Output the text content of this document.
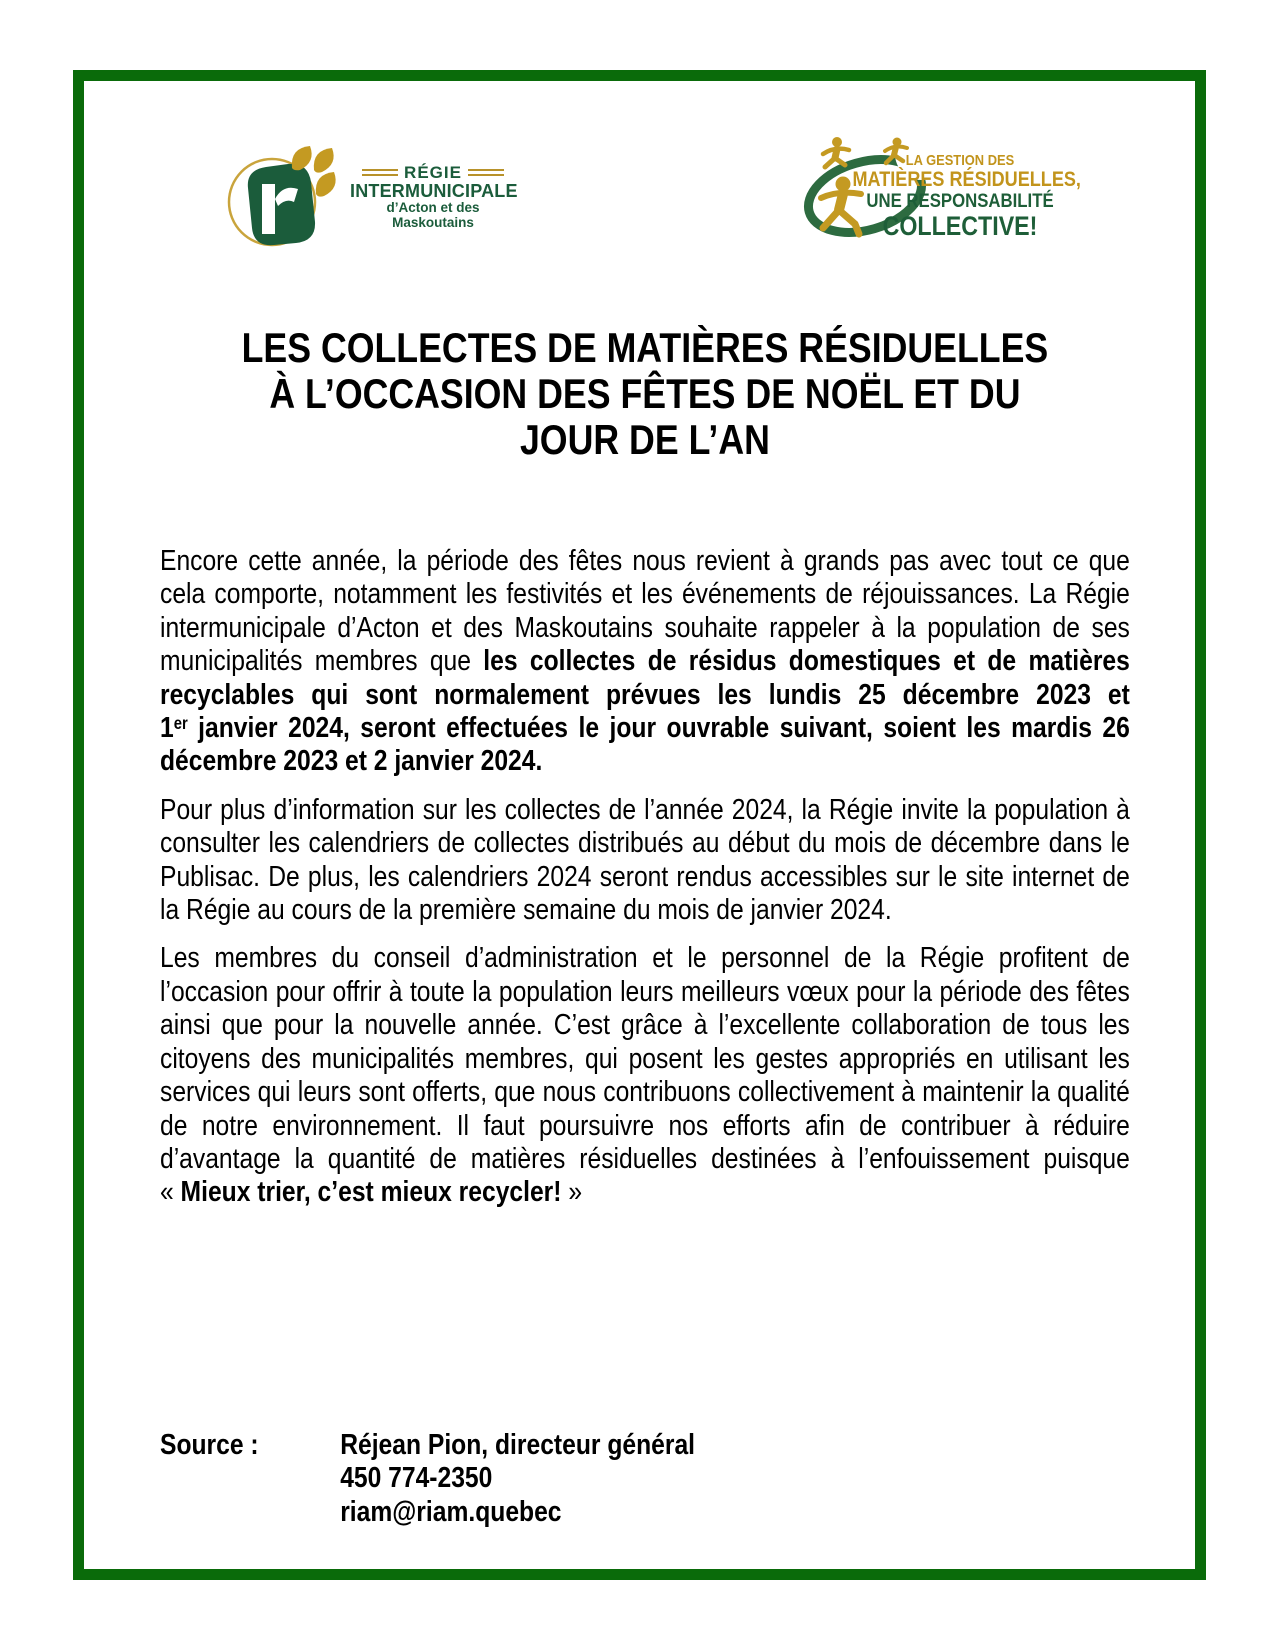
RÉGIE
INTERMUNICIPALE
d’Acton et des Maskoutains
LA GESTION DES
MATIÈRES RÉSIDUELLES,
UNE RESPONSABILITÉ
COLLECTIVE!
LES COLLECTES DE MATIÈRES RÉSIDUELLES
À L’OCCASION DES FÊTES DE NOËL ET DU
JOUR DE L’AN

Encore cette année, la période des fêtes nous revient à grands pas avec tout ce que cela comporte, notamment les festivités et les événements de réjouissances. La Régie intermunicipale d’Acton et des Maskoutains souhaite rappeler à la population de ses municipalités membres que les collectes de résidus domestiques et de matières recyclables qui sont normalement prévues les lundis 25 décembre 2023 et 1er janvier 2024, seront effectuées le jour ouvrable suivant, soient les mardis 26 décembre 2023 et 2 janvier 2024.

Pour plus d’information sur les collectes de l’année 2024, la Régie invite la population à consulter les calendriers de collectes distribués au début du mois de décembre dans le Publisac. De plus, les calendriers 2024 seront rendus accessibles sur le site internet de la Régie au cours de la première semaine du mois de janvier 2024.

Les membres du conseil d’administration et le personnel de la Régie profitent de l’occasion pour offrir à toute la population leurs meilleurs vœux pour la période des fêtes ainsi que pour la nouvelle année. C’est grâce à l’excellente collaboration de tous les citoyens des municipalités membres, qui posent les gestes appropriés en utilisant les services qui leurs sont offerts, que nous contribuons collectivement à maintenir la qualité de notre environnement. Il faut poursuivre nos efforts afin de contribuer à réduire d’avantage la quantité de matières résiduelles destinées à l’enfouissement puisque « Mieux trier, c’est mieux recycler! »

Source :	Réjean Pion, directeur général
450 774-2350
riam@riam.quebec
